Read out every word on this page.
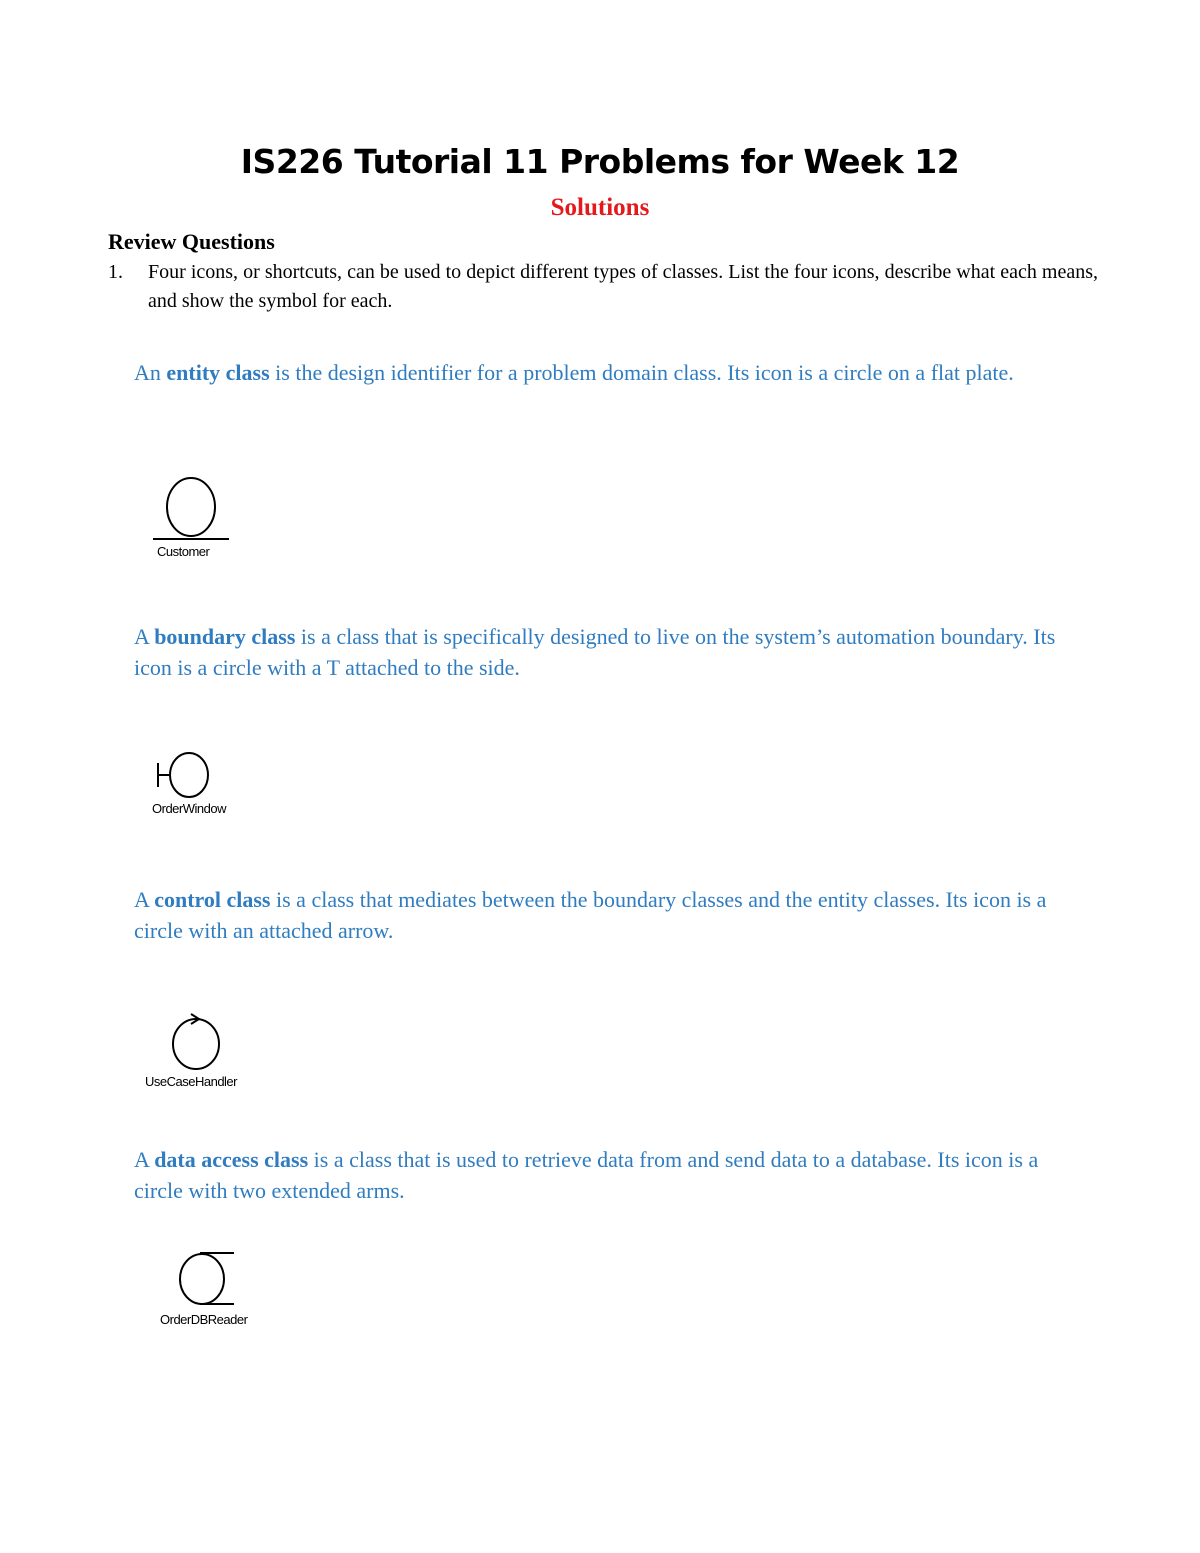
IS226 Tutorial 11 Problems for Week 12
Solutions
Review Questions
1. Four icons, or shortcuts, can be used to depict different types of classes. List the four icons, describe what each means, and show the symbol for each.
An entity class is the design identifier for a problem domain class. Its icon is a circle on a flat plate.
Customer
A boundary class is a class that is specifically designed to live on the system’s automation boundary. Its icon is a circle with a T attached to the side.
OrderWindow
A control class is a class that mediates between the boundary classes and the entity classes. Its icon is a circle with an attached arrow.
UseCaseHandler
A data access class is a class that is used to retrieve data from and send data to a database. Its icon is a circle with two extended arms.
OrderDBReader
